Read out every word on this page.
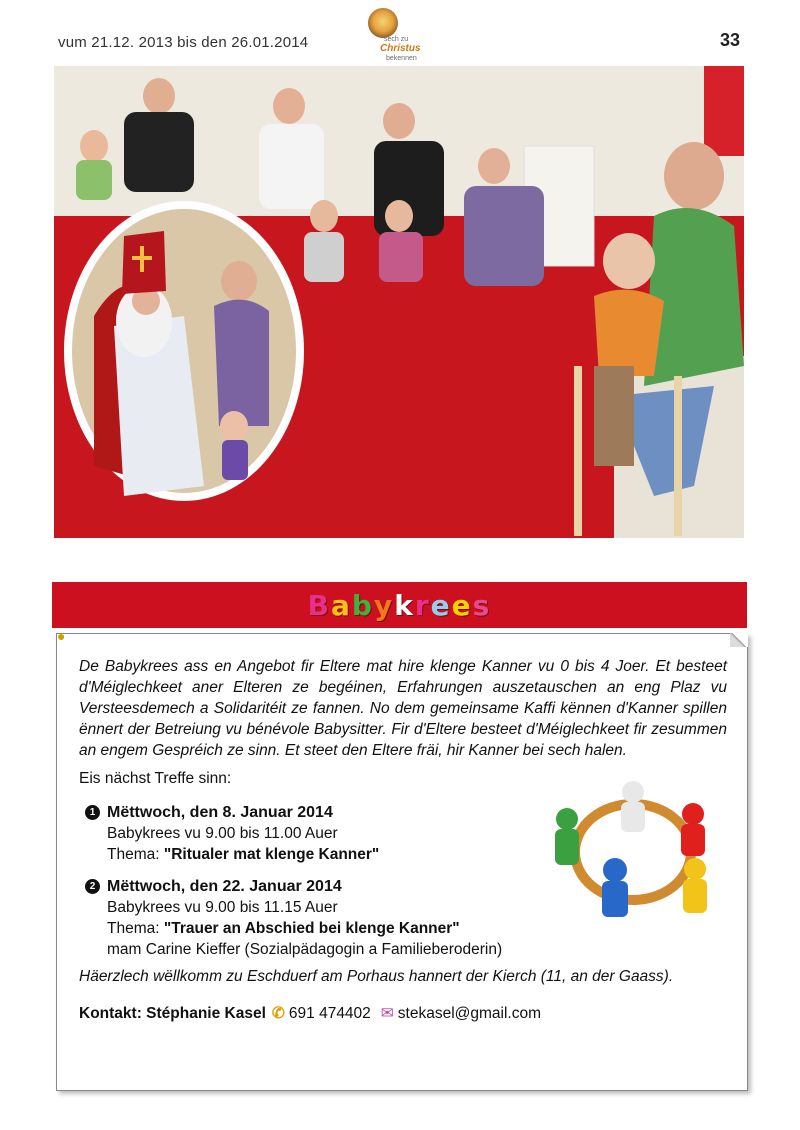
vum 21.12. 2013 bis den 26.01.2014	sech zu
Christus
bekennen
33
Babykrees
●
De Babykrees ass en Angebot fir Eltere mat hire klenge Kanner vu 0 bis 4 Joer. Et besteet d'Méiglechkeet aner Elteren ze begéinen, Erfahrungen auszetauschen an eng Plaz vu Versteesdemech a Solidaritéit ze fannen. No dem gemeinsame Kaffi kënnen d'Kanner spillen ënnert der Betreiung vu bénévole Babysitter. Fir d'Eltere besteet d'Méiglechkeet fir zesummen an engem Gespréich ze sinn. Et steet den Eltere fräi, hir Kanner bei sech halen.
Eis nächst Treffe sinn:
1 Mëttwoch, den 8. Januar 2014
Babykrees vu 9.00 bis 11.00 Auer
Thema: "Ritualer mat klenge Kanner"
2 Mëttwoch, den 22. Januar 2014
Babykrees vu 9.00 bis 11.15 Auer
Thema: "Trauer an Abschied bei klenge Kanner"
mam Carine Kieffer (Sozialpädagogin a Familieberoderin)
Häerzlech wëllkomm zu Eschduerf am Porhaus hannert der Kierch (11, an der Gaass).
Kontakt: Stéphanie Kasel ✆ 691 474402 ✉ stekasel@gmail.com
